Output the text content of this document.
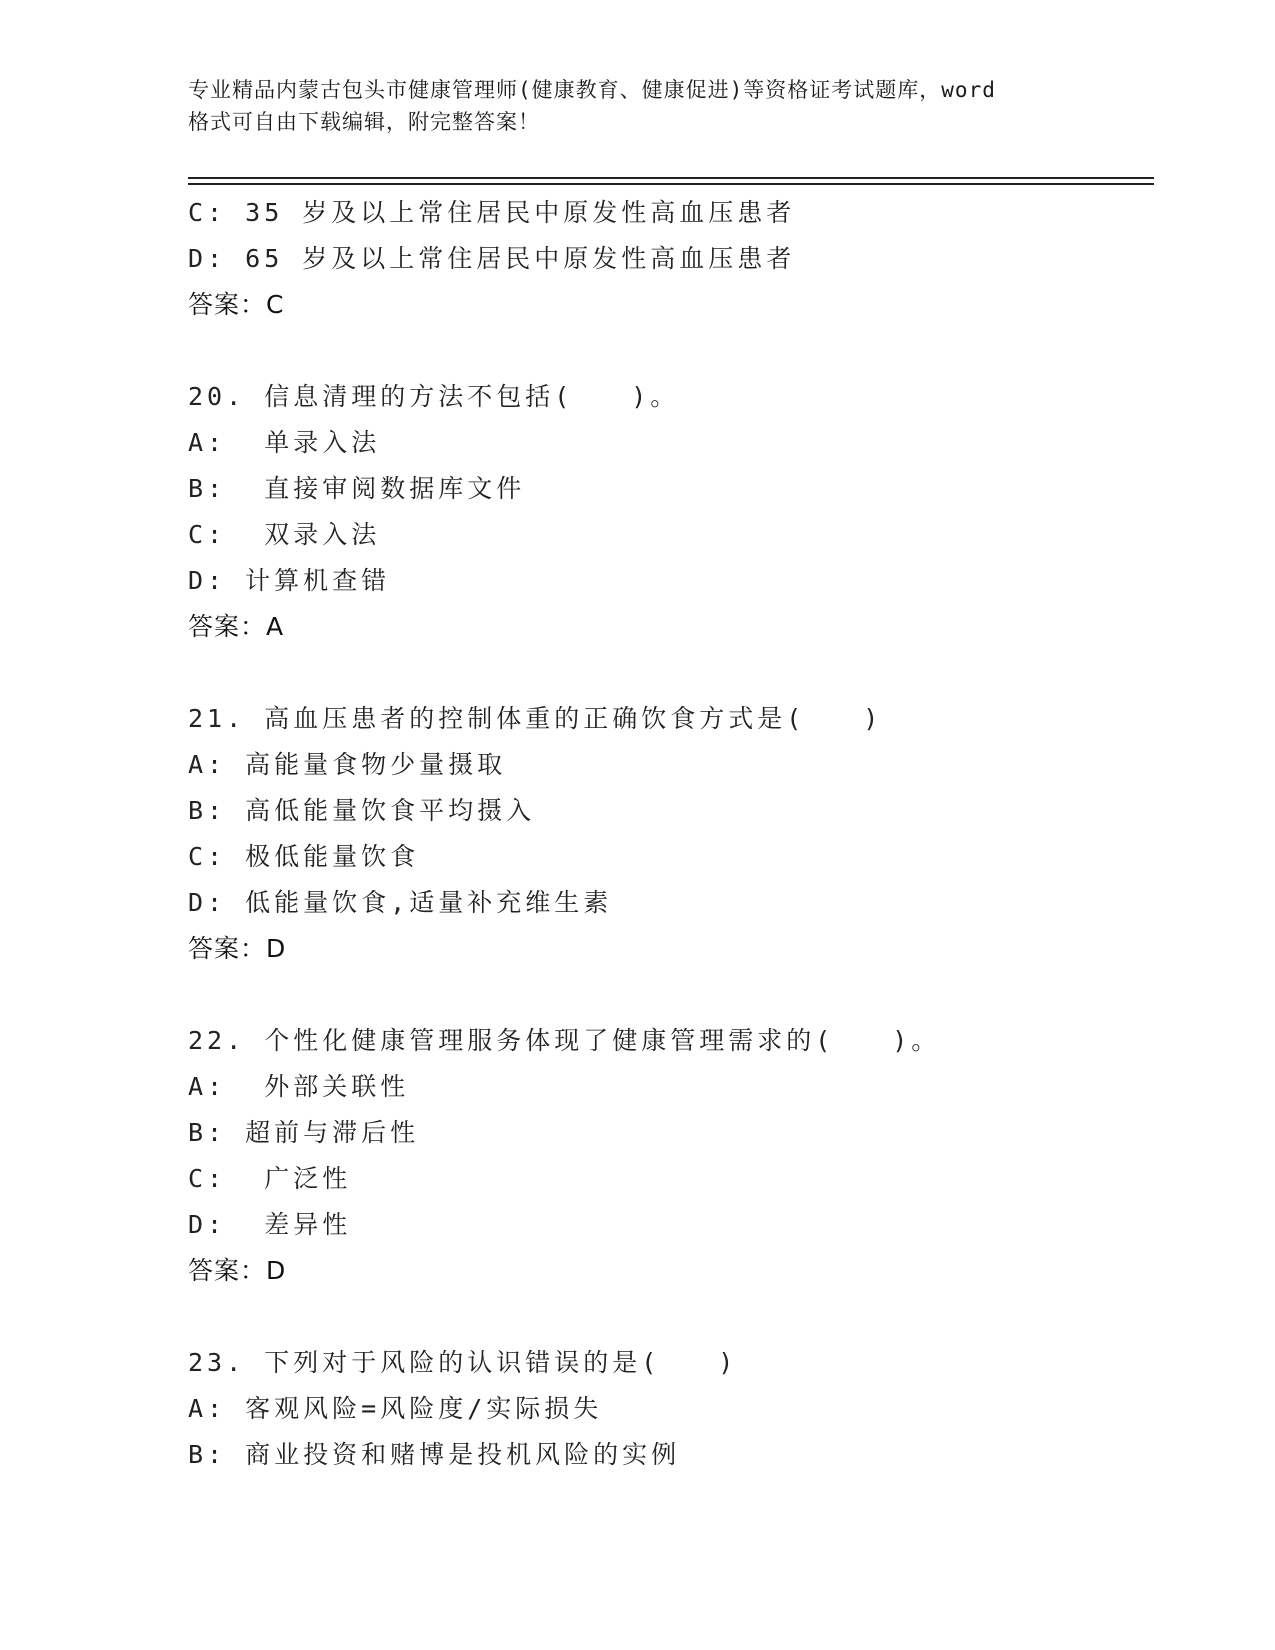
专业精品内蒙古包头市健康管理师(健康教育、健康促进)等资格证考试题库，word
格式可自由下载编辑，附完整答案！
C: 35 岁及以上常住居民中原发性高血压患者
D: 65 岁及以上常住居民中原发性高血压患者
答案：C
20. 信息清理的方法不包括(　　)。
A:  单录入法
B:  直接审阅数据库文件
C:  双录入法
D: 计算机查错
答案：A
21. 高血压患者的控制体重的正确饮食方式是(　　)
A: 高能量食物少量摄取
B: 高低能量饮食平均摄入
C: 极低能量饮食
D: 低能量饮食,适量补充维生素
答案：D
22. 个性化健康管理服务体现了健康管理需求的(　　)。
A:  外部关联性
B: 超前与滞后性
C:  广泛性
D:  差异性
答案：D
23. 下列对于风险的认识错误的是(　　)
A: 客观风险=风险度/实际损失
B: 商业投资和赌博是投机风险的实例
